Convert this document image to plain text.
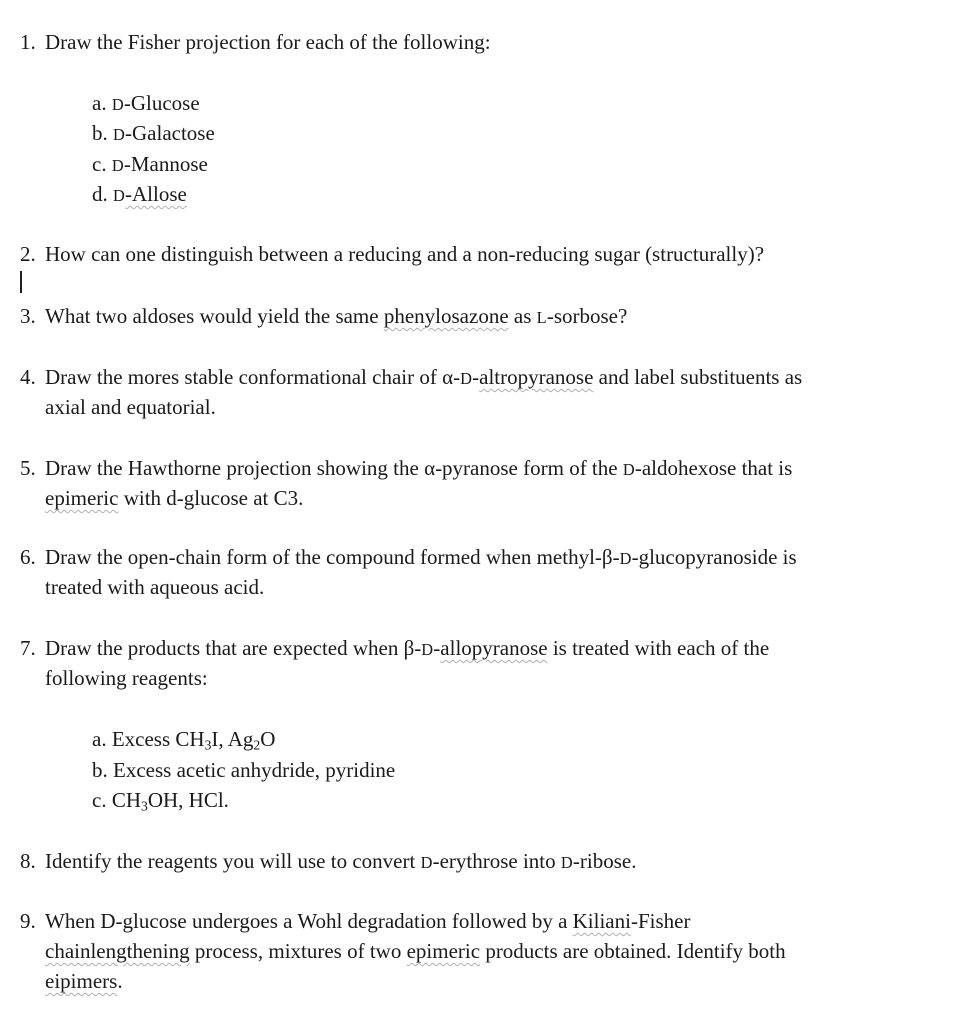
1. Draw the Fisher projection for each of the following:
a. D-Glucose
b. D-Galactose
c. D-Mannose
d. D-Allose
2. How can one distinguish between a reducing and a non-reducing sugar (structurally)?
3. What two aldoses would yield the same phenylosazone as L-sorbose?
4. Draw the mores stable conformational chair of α-D-altropyranose and label substituents as
axial and equatorial.
5. Draw the Hawthorne projection showing the α-pyranose form of the D-aldohexose that is
epimeric with d-glucose at C3.
6. Draw the open-chain form of the compound formed when methyl-β-D-glucopyranoside is
treated with aqueous acid.
7. Draw the products that are expected when β-D-allopyranose is treated with each of the
following reagents:
a. Excess $CH_3I$, $Ag_2O$
b. Excess acetic anhydride, pyridine
c. $CH_3OH$, HCl.
8. Identify the reagents you will use to convert D-erythrose into D-ribose.
9. When D-glucose undergoes a Wohl degradation followed by a Kiliani-Fisher
chainlengthening process, mixtures of two epimeric products are obtained. Identify both
eipimers.
